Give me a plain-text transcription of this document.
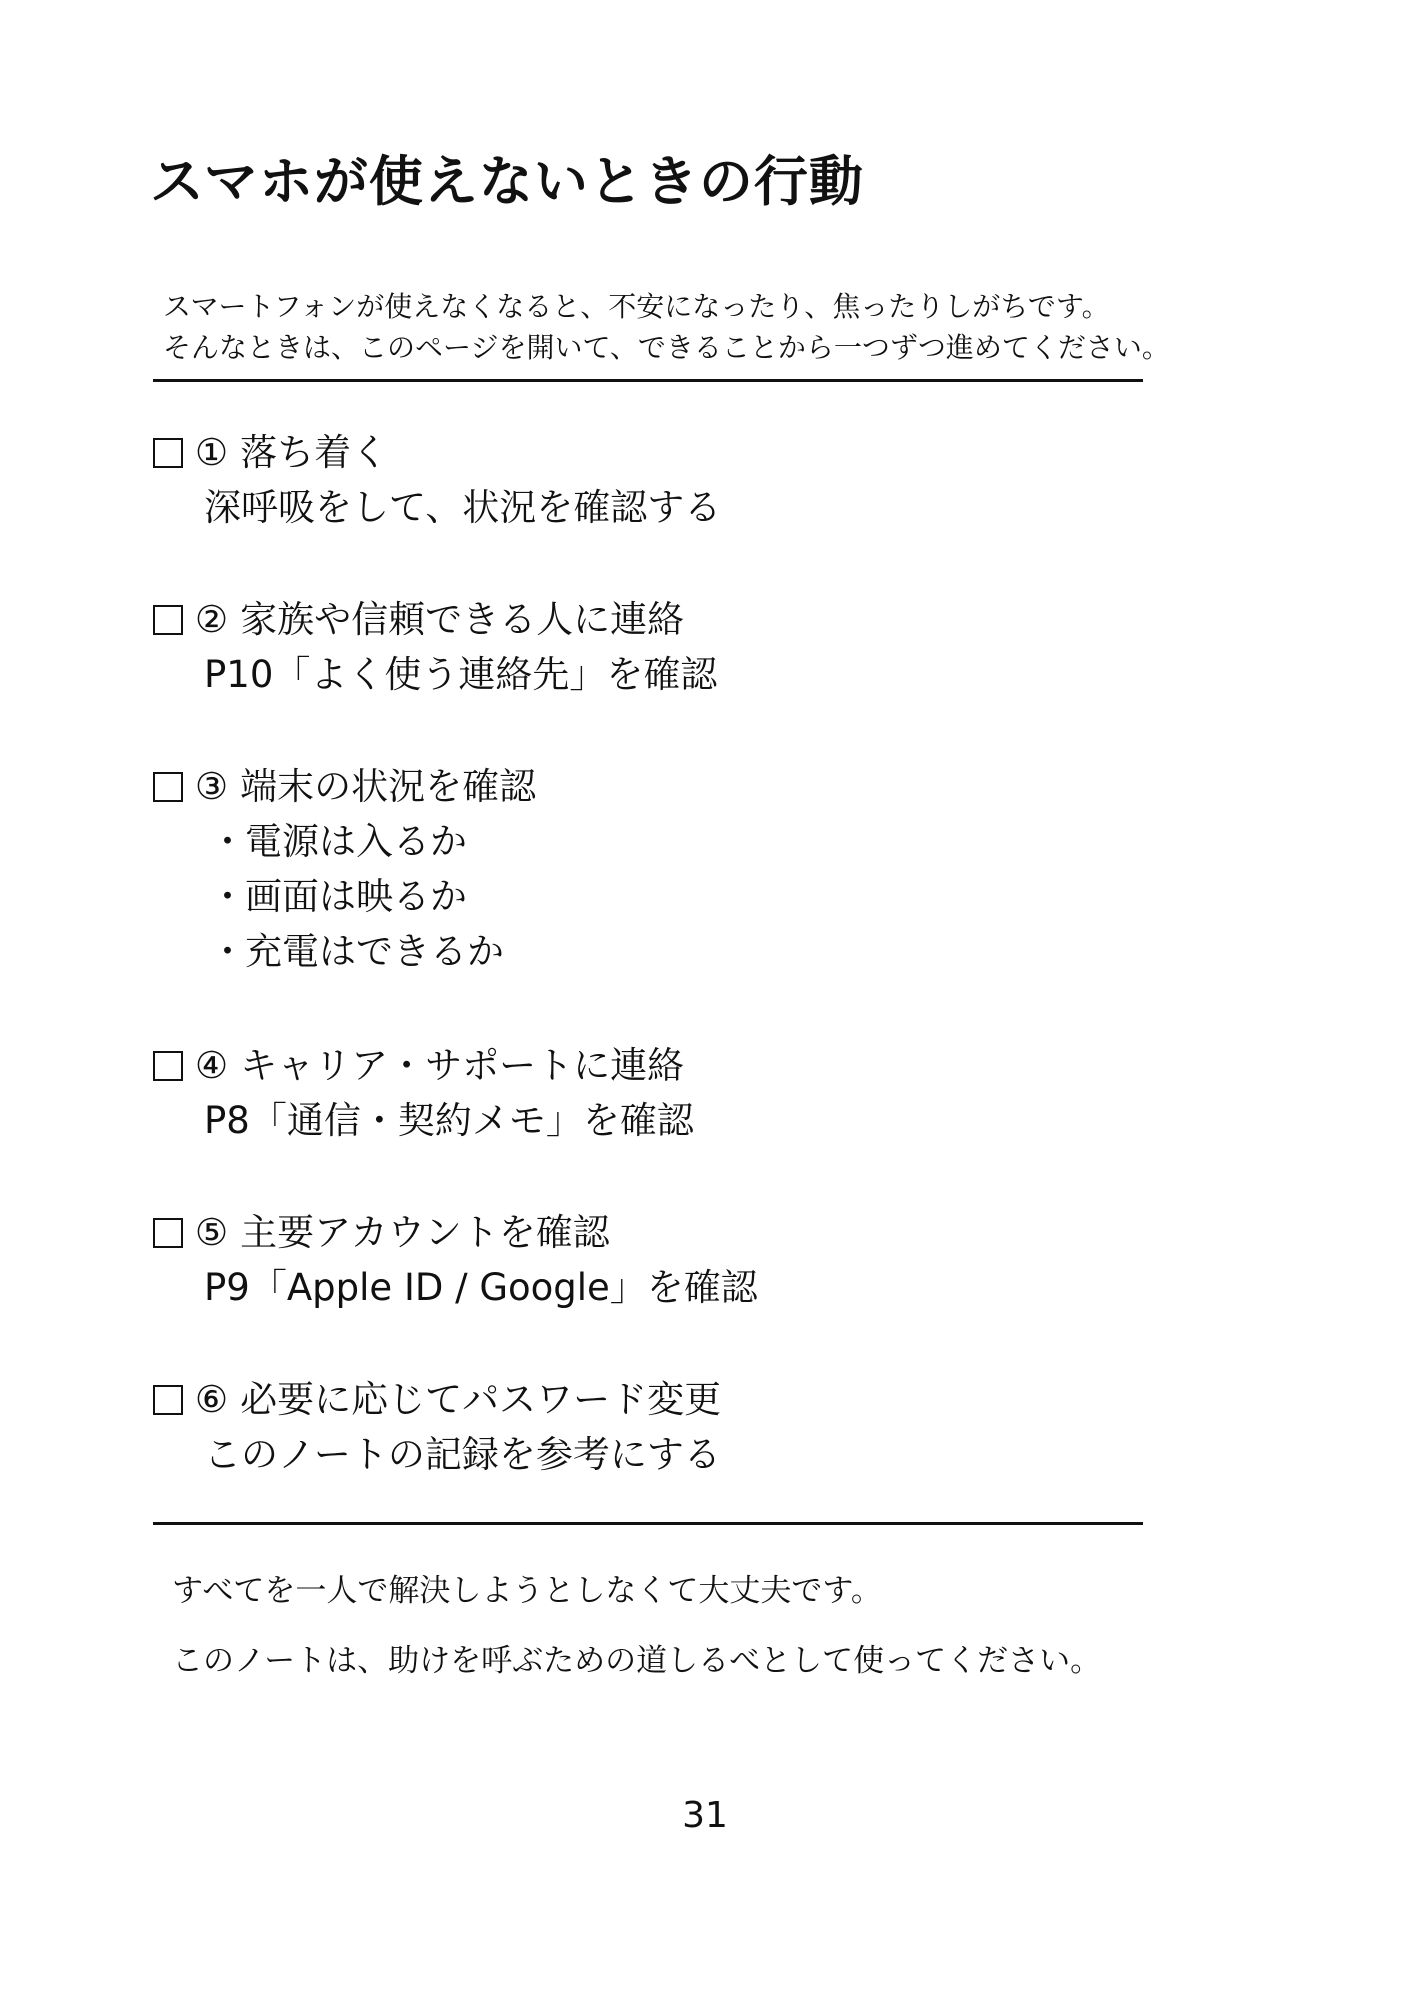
スマホが使えないときの行動
スマートフォンが使えなくなると、不安になったり、焦ったりしがちです。
そんなときは、このページを開いて、できることから一つずつ進めてください。
① 落ち着く
深呼吸をして、状況を確認する
② 家族や信頼できる人に連絡
P10「よく使う連絡先」を確認
③ 端末の状況を確認
・電源は入るか
・画面は映るか
・充電はできるか
④ キャリア・サポートに連絡
P8「通信・契約メモ」を確認
⑤ 主要アカウントを確認
P9「Apple ID / Google」を確認
⑥ 必要に応じてパスワード変更
このノートの記録を参考にする
すべてを一人で解決しようとしなくて大丈夫です。
このノートは、助けを呼ぶための道しるべとして使ってください。
31
